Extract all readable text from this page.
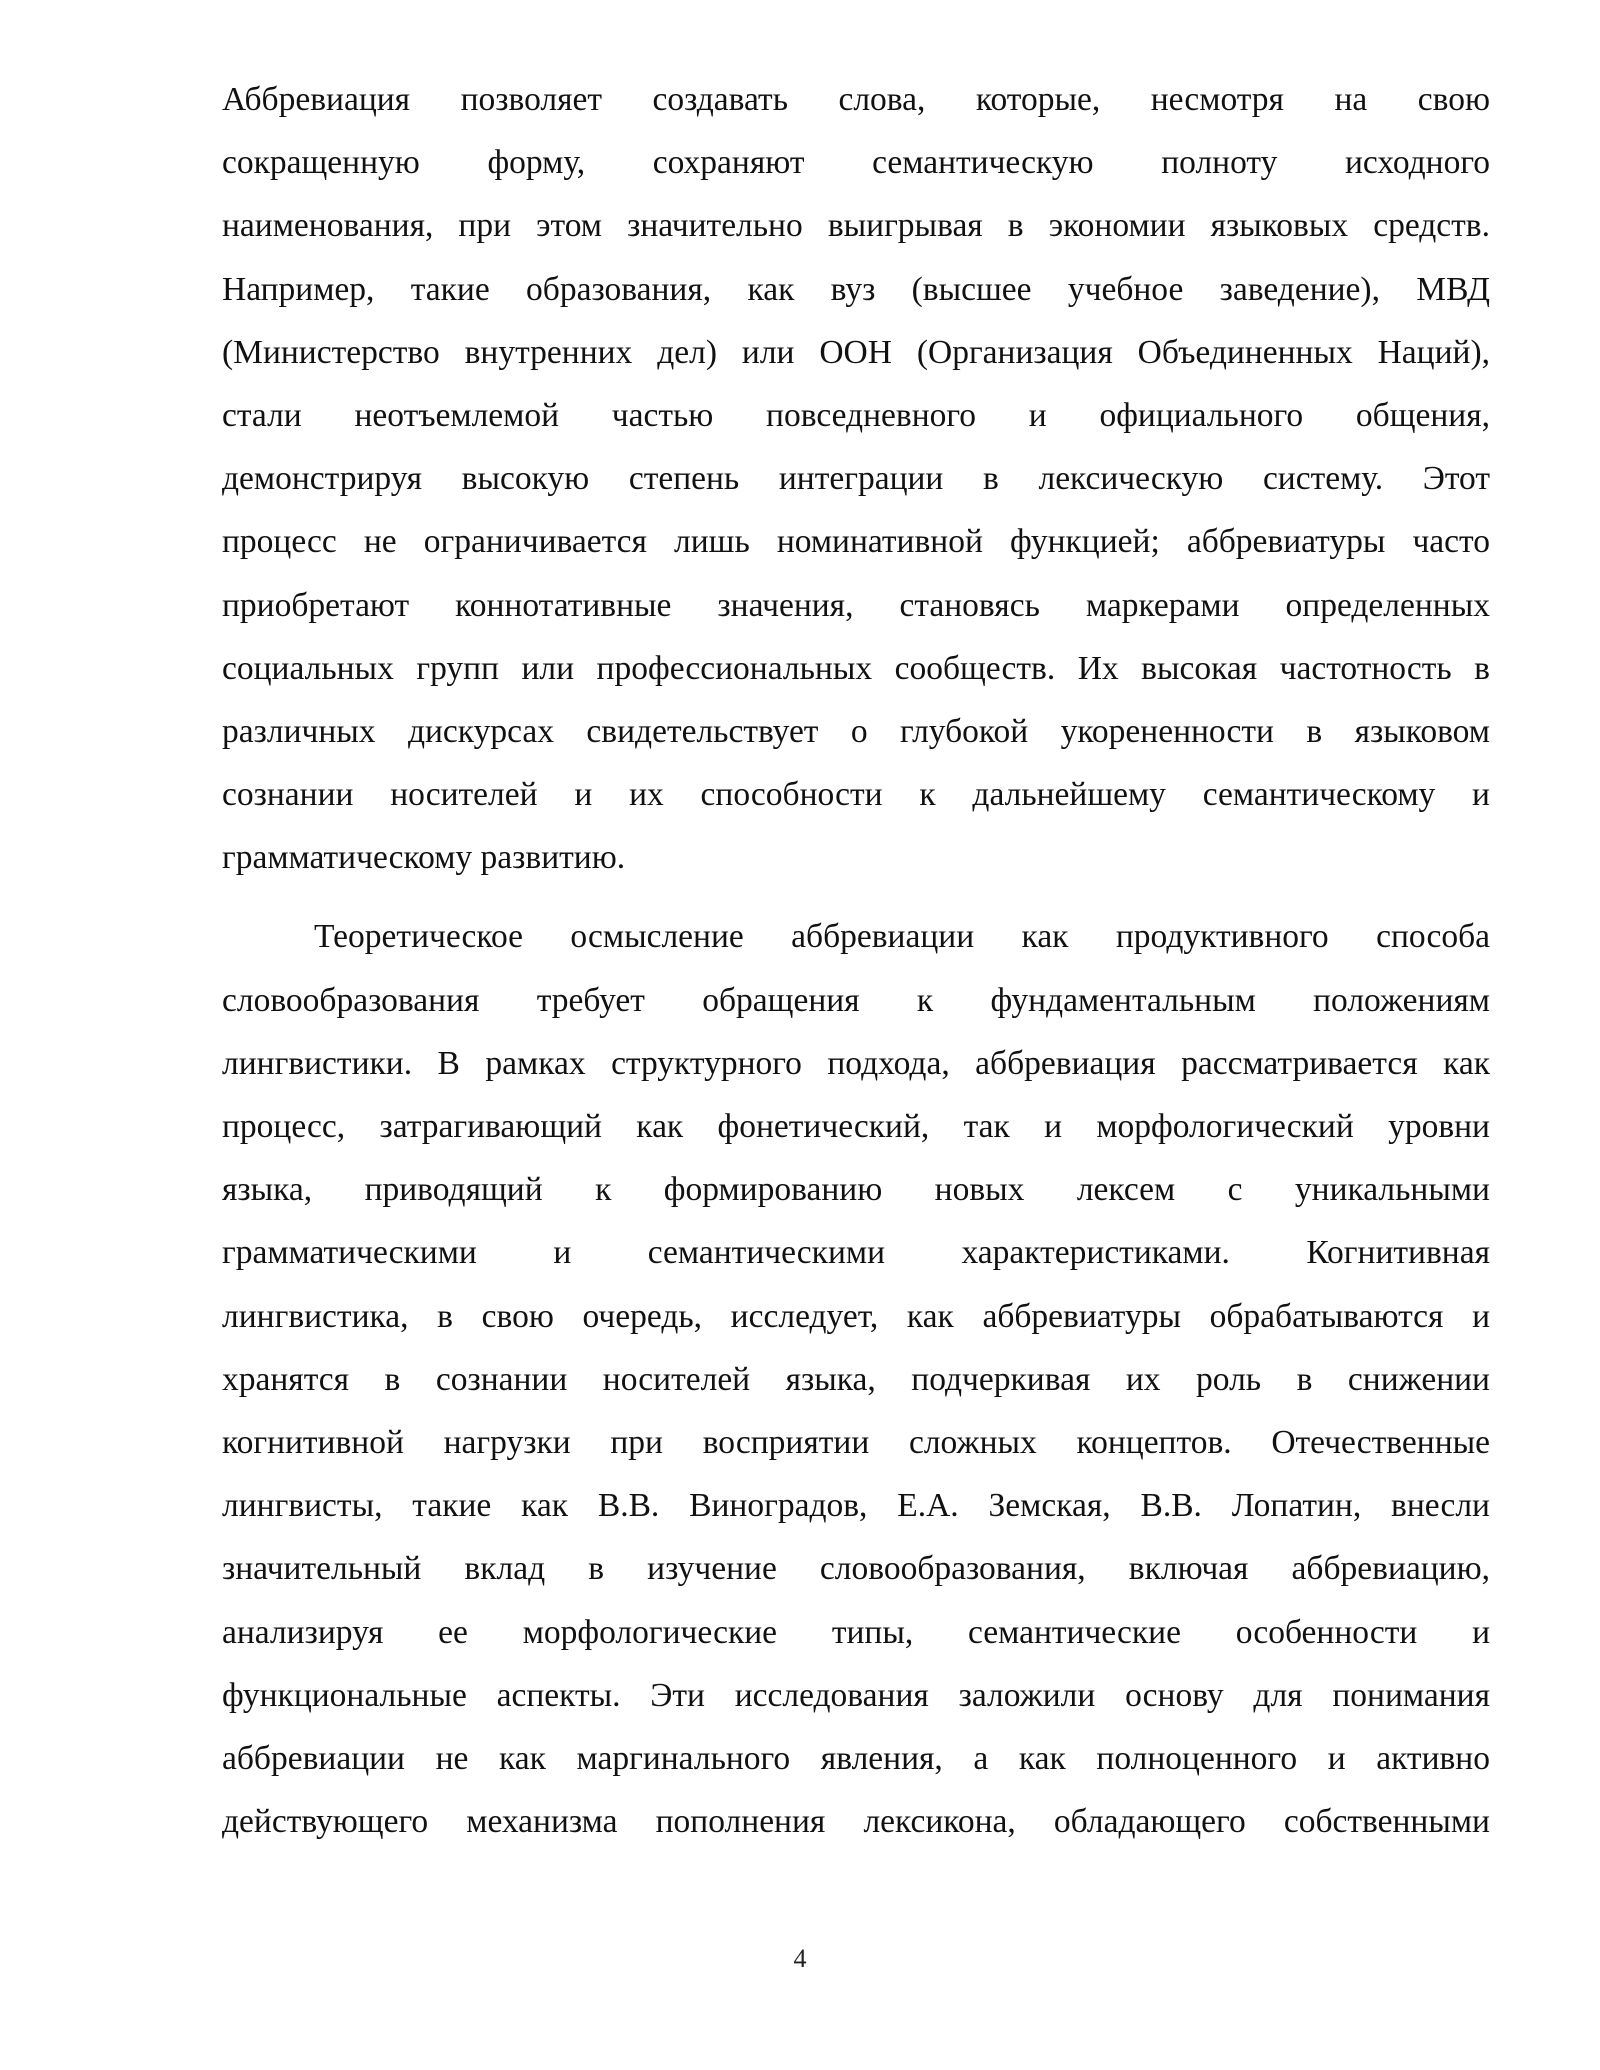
Аббревиация позволяет создавать слова, которые, несмотря на свою
сокращенную форму, сохраняют семантическую полноту исходного
наименования, при этом значительно выигрывая в экономии языковых средств.
Например, такие образования, как вуз (высшее учебное заведение), МВД
(Министерство внутренних дел) или ООН (Организация Объединенных Наций),
стали неотъемлемой частью повседневного и официального общения,
демонстрируя высокую степень интеграции в лексическую систему. Этот
процесс не ограничивается лишь номинативной функцией; аббревиатуры часто
приобретают коннотативные значения, становясь маркерами определенных
социальных групп или профессиональных сообществ. Их высокая частотность в
различных дискурсах свидетельствует о глубокой укорененности в языковом
сознании носителей и их способности к дальнейшему семантическому и
грамматическому развитию.
Теоретическое осмысление аббревиации как продуктивного способа
словообразования требует обращения к фундаментальным положениям
лингвистики. В рамках структурного подхода, аббревиация рассматривается как
процесс, затрагивающий как фонетический, так и морфологический уровни
языка, приводящий к формированию новых лексем с уникальными
грамматическими и семантическими характеристиками. Когнитивная
лингвистика, в свою очередь, исследует, как аббревиатуры обрабатываются и
хранятся в сознании носителей языка, подчеркивая их роль в снижении
когнитивной нагрузки при восприятии сложных концептов. Отечественные
лингвисты, такие как В.В. Виноградов, Е.А. Земская, В.В. Лопатин, внесли
значительный вклад в изучение словообразования, включая аббревиацию,
анализируя ее морфологические типы, семантические особенности и
функциональные аспекты. Эти исследования заложили основу для понимания
аббревиации не как маргинального явления, а как полноценного и активно
действующего механизма пополнения лексикона, обладающего собственными
4
